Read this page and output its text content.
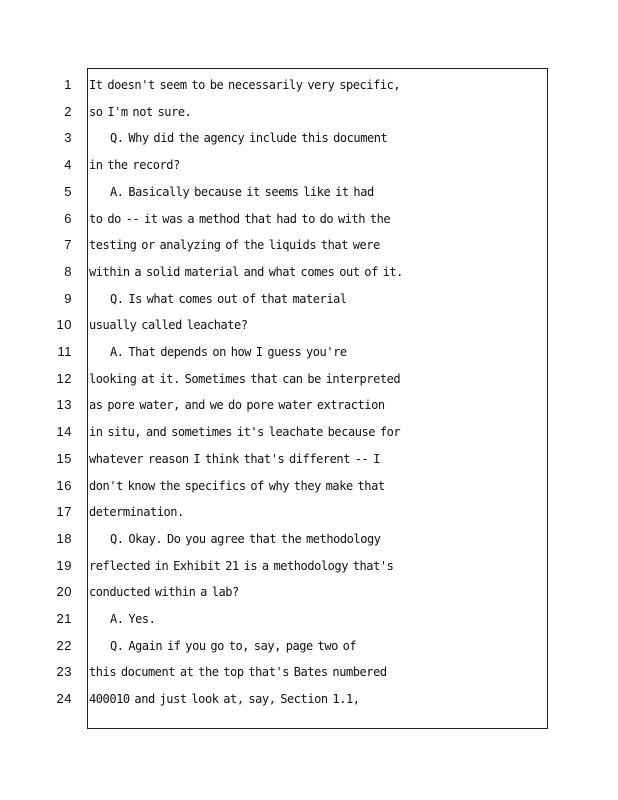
1 It doesn't seem to be necessarily very specific,
2 so I'm not sure.
3	Q. Why did the agency include this document
4 in the record?
5	A. Basically because it seems like it had
6 to do -- it was a method that had to do with the
7 testing or analyzing of the liquids that were
8 within a solid material and what comes out of it.
9	Q. Is what comes out of that material
10 usually called leachate?
11	A. That depends on how I guess you're
12 looking at it. Sometimes that can be interpreted
13 as pore water, and we do pore water extraction
14 in situ, and sometimes it's leachate because for
15 whatever reason I think that's different -- I
16 don't know the specifics of why they make that
17 determination.
18	Q. Okay. Do you agree that the methodology
19 reflected in Exhibit 21 is a methodology that's
20 conducted within a lab?
21	A. Yes.
22	Q. Again if you go to, say, page two of
23 this document at the top that's Bates numbered
24 400010 and just look at, say, Section 1.1,
